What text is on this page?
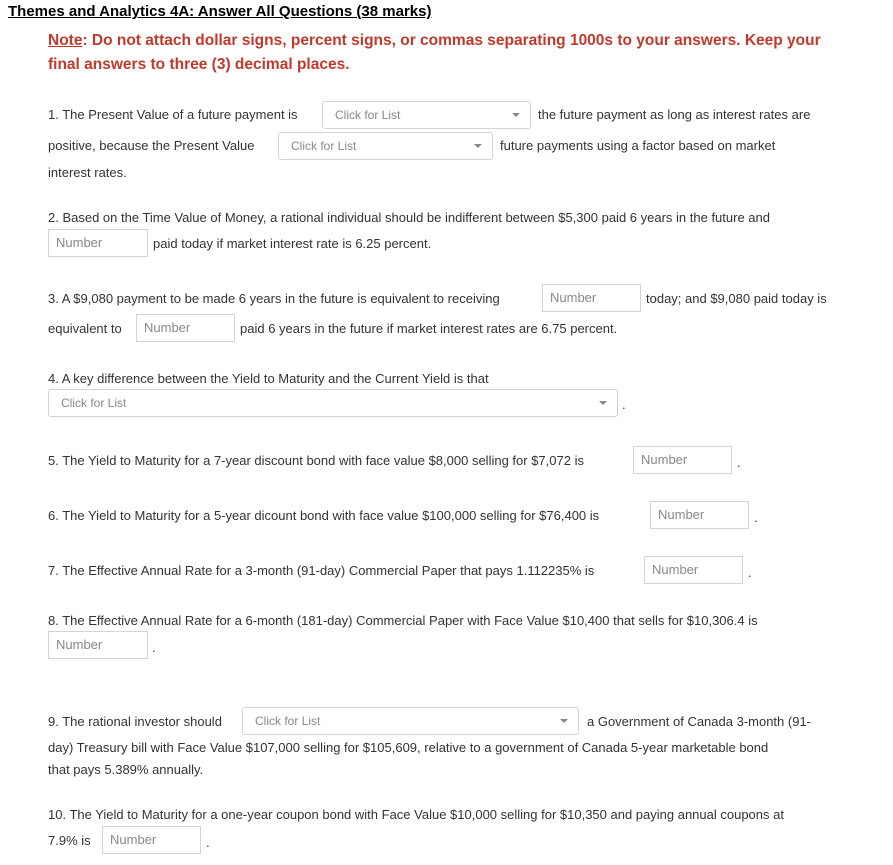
Themes and Analytics 4A: Answer All Questions (38 marks)
Note: Do not attach dollar signs, percent signs, or commas separating 1000s to your answers. Keep your final answers to three (3) decimal places.
1. The Present Value of a future payment is	Click for List	the future payment as long as interest rates are
positive, because the Present Value	Click for List	future payments using a factor based on market
interest rates.
2. Based on the Time Value of Money, a rational individual should be indifferent between $5,300 paid 6 years in the future and
Number	paid today if market interest rate is 6.25 percent.
3. A $9,080 payment to be made 6 years in the future is equivalent to receiving	Number	today; and $9,080 paid today is
equivalent to	Number	paid 6 years in the future if market interest rates are 6.75 percent.
4. A key difference between the Yield to Maturity and the Current Yield is that
Click for List	.
5. The Yield to Maturity for a 7-year discount bond with face value $8,000 selling for $7,072 is	Number	.
6. The Yield to Maturity for a 5-year dicount bond with face value $100,000 selling for $76,400 is	Number	.
7. The Effective Annual Rate for a 3-month (91-day) Commercial Paper that pays 1.112235% is	Number	.
8. The Effective Annual Rate for a 6-month (181-day) Commercial Paper with Face Value $10,400 that sells for $10,306.4 is
Number	.
9. The rational investor should	Click for List	a Government of Canada 3-month (91-
day) Treasury bill with Face Value $107,000 selling for $105,609, relative to a government of Canada 5-year marketable bond
that pays 5.389% annually.
10. The Yield to Maturity for a one-year coupon bond with Face Value $10,000 selling for $10,350 and paying annual coupons at
7.9% is	Number	.
